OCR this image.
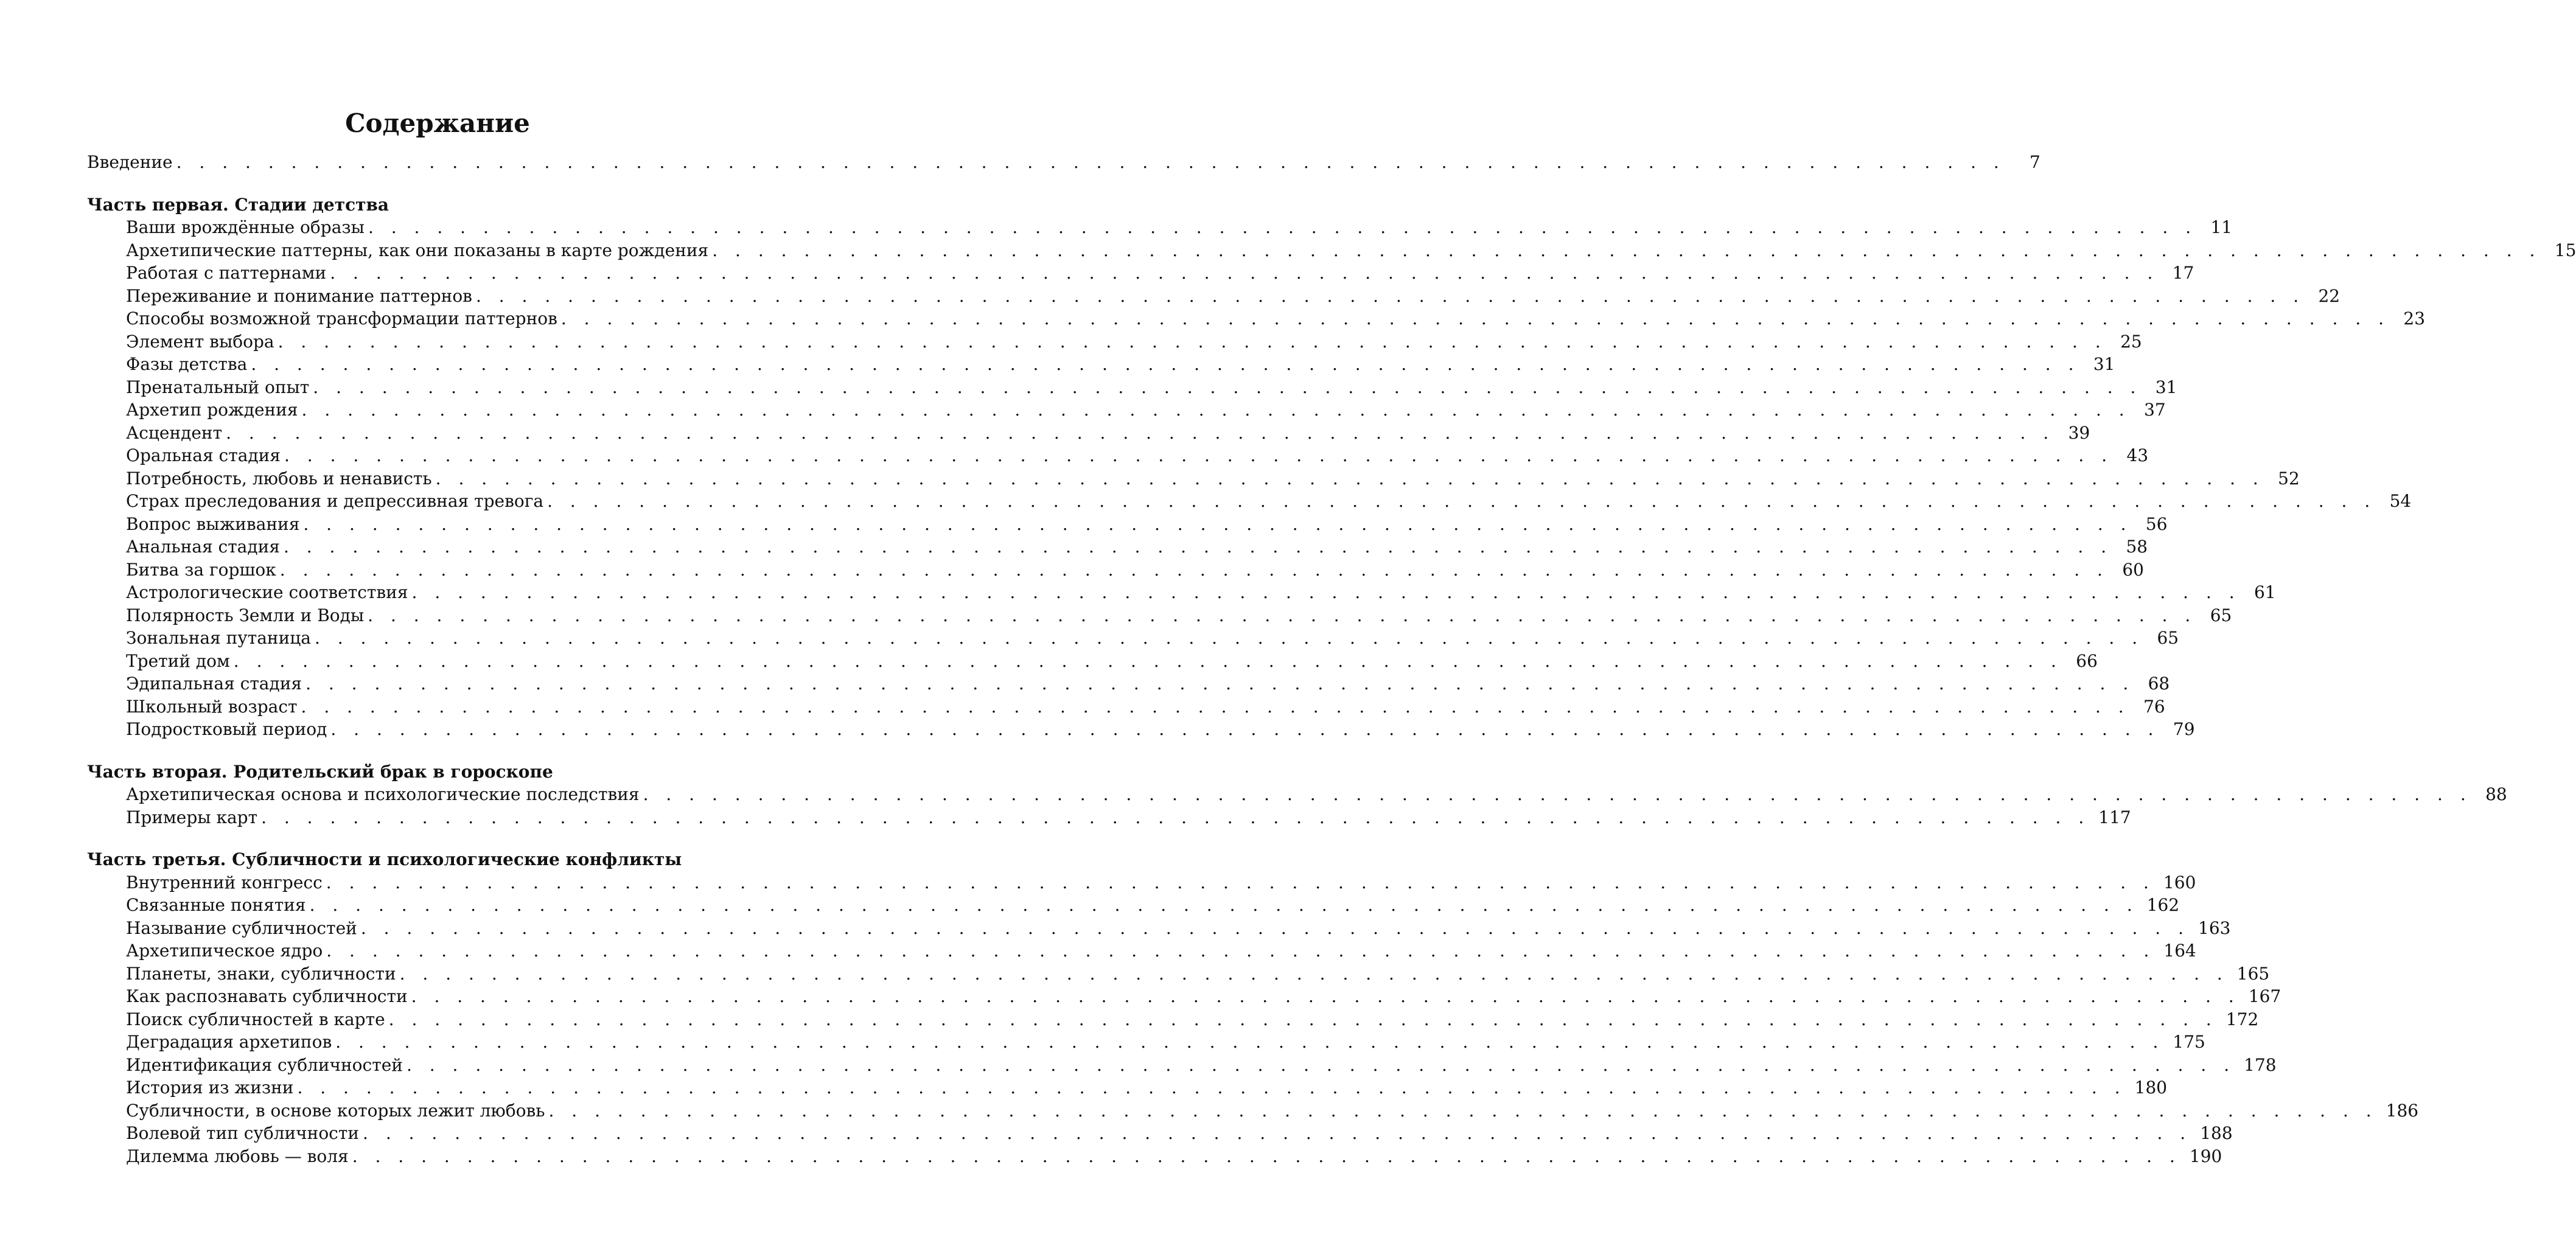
Содержание
Введение . . . . . . . . . . . . . . . . . . . . . . . . . . . . . . . . . . . . . . . . . . . . . . . . . . . . . . . . . . . . . . . . . . . . . . . . . . . . . . . .	7
Часть первая. Стадии детства
Ваши врождённые образы . . . . . . . . . . . . . . . . . . . . . . . . . . . . . . . . . . . . . . . . . . . . . . . . . . . . . . . . . . . . . . . . . . . . . . . . . . . . . . . . 11
Архетипические паттерны, как они показаны в карте рождения . . . . . . . . . . . . . . . . . . . . . . . . . . . . . . . . . . . . . . . . . . . . . . . . . . . . . . . . . . . . . . . . . . . . . . . . . . . . . . . . 15
Работая с паттернами . . . . . . . . . . . . . . . . . . . . . . . . . . . . . . . . . . . . . . . . . . . . . . . . . . . . . . . . . . . . . . . . . . . . . . . . . . . . . . . . 17
Переживание и понимание паттернов . . . . . . . . . . . . . . . . . . . . . . . . . . . . . . . . . . . . . . . . . . . . . . . . . . . . . . . . . . . . . . . . . . . . . . . . . . . . . . . . 22
Способы возможной трансформации паттернов . . . . . . . . . . . . . . . . . . . . . . . . . . . . . . . . . . . . . . . . . . . . . . . . . . . . . . . . . . . . . . . . . . . . . . . . . . . . . . . . 23
Элемент выбора . . . . . . . . . . . . . . . . . . . . . . . . . . . . . . . . . . . . . . . . . . . . . . . . . . . . . . . . . . . . . . . . . . . . . . . . . . . . . . . . 25
Фазы детства . . . . . . . . . . . . . . . . . . . . . . . . . . . . . . . . . . . . . . . . . . . . . . . . . . . . . . . . . . . . . . . . . . . . . . . . . . . . . . . . 31
Пренатальный опыт . . . . . . . . . . . . . . . . . . . . . . . . . . . . . . . . . . . . . . . . . . . . . . . . . . . . . . . . . . . . . . . . . . . . . . . . . . . . . . . . 31
Архетип рождения . . . . . . . . . . . . . . . . . . . . . . . . . . . . . . . . . . . . . . . . . . . . . . . . . . . . . . . . . . . . . . . . . . . . . . . . . . . . . . . . 37
Асцендент . . . . . . . . . . . . . . . . . . . . . . . . . . . . . . . . . . . . . . . . . . . . . . . . . . . . . . . . . . . . . . . . . . . . . . . . . . . . . . . . 39
Оральная стадия . . . . . . . . . . . . . . . . . . . . . . . . . . . . . . . . . . . . . . . . . . . . . . . . . . . . . . . . . . . . . . . . . . . . . . . . . . . . . . . . 43
Потребность, любовь и ненависть . . . . . . . . . . . . . . . . . . . . . . . . . . . . . . . . . . . . . . . . . . . . . . . . . . . . . . . . . . . . . . . . . . . . . . . . . . . . . . . . 52
Страх преследования и депрессивная тревога . . . . . . . . . . . . . . . . . . . . . . . . . . . . . . . . . . . . . . . . . . . . . . . . . . . . . . . . . . . . . . . . . . . . . . . . . . . . . . . . 54
Вопрос выживания . . . . . . . . . . . . . . . . . . . . . . . . . . . . . . . . . . . . . . . . . . . . . . . . . . . . . . . . . . . . . . . . . . . . . . . . . . . . . . . . 56
Анальная стадия . . . . . . . . . . . . . . . . . . . . . . . . . . . . . . . . . . . . . . . . . . . . . . . . . . . . . . . . . . . . . . . . . . . . . . . . . . . . . . . . 58
Битва за горшок . . . . . . . . . . . . . . . . . . . . . . . . . . . . . . . . . . . . . . . . . . . . . . . . . . . . . . . . . . . . . . . . . . . . . . . . . . . . . . . . 60
Астрологические соответствия . . . . . . . . . . . . . . . . . . . . . . . . . . . . . . . . . . . . . . . . . . . . . . . . . . . . . . . . . . . . . . . . . . . . . . . . . . . . . . . . 61
Полярность Земли и Воды . . . . . . . . . . . . . . . . . . . . . . . . . . . . . . . . . . . . . . . . . . . . . . . . . . . . . . . . . . . . . . . . . . . . . . . . . . . . . . . . 65
Зональная путаница . . . . . . . . . . . . . . . . . . . . . . . . . . . . . . . . . . . . . . . . . . . . . . . . . . . . . . . . . . . . . . . . . . . . . . . . . . . . . . . . 65
Третий дом . . . . . . . . . . . . . . . . . . . . . . . . . . . . . . . . . . . . . . . . . . . . . . . . . . . . . . . . . . . . . . . . . . . . . . . . . . . . . . . . 66
Эдипальная стадия . . . . . . . . . . . . . . . . . . . . . . . . . . . . . . . . . . . . . . . . . . . . . . . . . . . . . . . . . . . . . . . . . . . . . . . . . . . . . . . . 68
Школьный возраст . . . . . . . . . . . . . . . . . . . . . . . . . . . . . . . . . . . . . . . . . . . . . . . . . . . . . . . . . . . . . . . . . . . . . . . . . . . . . . . . 76
Подростковый период . . . . . . . . . . . . . . . . . . . . . . . . . . . . . . . . . . . . . . . . . . . . . . . . . . . . . . . . . . . . . . . . . . . . . . . . . . . . . . . . 79
Часть вторая. Родительский брак в гороскопе
Архетипическая основа и психологические последствия . . . . . . . . . . . . . . . . . . . . . . . . . . . . . . . . . . . . . . . . . . . . . . . . . . . . . . . . . . . . . . . . . . . . . . . . . . . . . . . . 88
Примеры карт . . . . . . . . . . . . . . . . . . . . . . . . . . . . . . . . . . . . . . . . . . . . . . . . . . . . . . . . . . . . . . . . . . . . . . . . . . . . . . . . 117
Часть третья. Субличности и психологические конфликты
Внутренний конгресс . . . . . . . . . . . . . . . . . . . . . . . . . . . . . . . . . . . . . . . . . . . . . . . . . . . . . . . . . . . . . . . . . . . . . . . . . . . . . . . . 160
Связанные понятия . . . . . . . . . . . . . . . . . . . . . . . . . . . . . . . . . . . . . . . . . . . . . . . . . . . . . . . . . . . . . . . . . . . . . . . . . . . . . . . . 162
Называние субличностей . . . . . . . . . . . . . . . . . . . . . . . . . . . . . . . . . . . . . . . . . . . . . . . . . . . . . . . . . . . . . . . . . . . . . . . . . . . . . . . . 163
Архетипическое ядро . . . . . . . . . . . . . . . . . . . . . . . . . . . . . . . . . . . . . . . . . . . . . . . . . . . . . . . . . . . . . . . . . . . . . . . . . . . . . . . . 164
Планеты, знаки, субличности . . . . . . . . . . . . . . . . . . . . . . . . . . . . . . . . . . . . . . . . . . . . . . . . . . . . . . . . . . . . . . . . . . . . . . . . . . . . . . . . 165
Как распознавать субличности . . . . . . . . . . . . . . . . . . . . . . . . . . . . . . . . . . . . . . . . . . . . . . . . . . . . . . . . . . . . . . . . . . . . . . . . . . . . . . . . 167
Поиск субличностей в карте . . . . . . . . . . . . . . . . . . . . . . . . . . . . . . . . . . . . . . . . . . . . . . . . . . . . . . . . . . . . . . . . . . . . . . . . . . . . . . . . 172
Деградация архетипов . . . . . . . . . . . . . . . . . . . . . . . . . . . . . . . . . . . . . . . . . . . . . . . . . . . . . . . . . . . . . . . . . . . . . . . . . . . . . . . . 175
Идентификация субличностей . . . . . . . . . . . . . . . . . . . . . . . . . . . . . . . . . . . . . . . . . . . . . . . . . . . . . . . . . . . . . . . . . . . . . . . . . . . . . . . . 178
История из жизни . . . . . . . . . . . . . . . . . . . . . . . . . . . . . . . . . . . . . . . . . . . . . . . . . . . . . . . . . . . . . . . . . . . . . . . . . . . . . . . . 180
Субличности, в основе которых лежит любовь . . . . . . . . . . . . . . . . . . . . . . . . . . . . . . . . . . . . . . . . . . . . . . . . . . . . . . . . . . . . . . . . . . . . . . . . . . . . . . . . 186
Волевой тип субличности . . . . . . . . . . . . . . . . . . . . . . . . . . . . . . . . . . . . . . . . . . . . . . . . . . . . . . . . . . . . . . . . . . . . . . . . . . . . . . . . 188
Дилемма любовь — воля . . . . . . . . . . . . . . . . . . . . . . . . . . . . . . . . . . . . . . . . . . . . . . . . . . . . . . . . . . . . . . . . . . . . . . . . . . . . . . . . 190
